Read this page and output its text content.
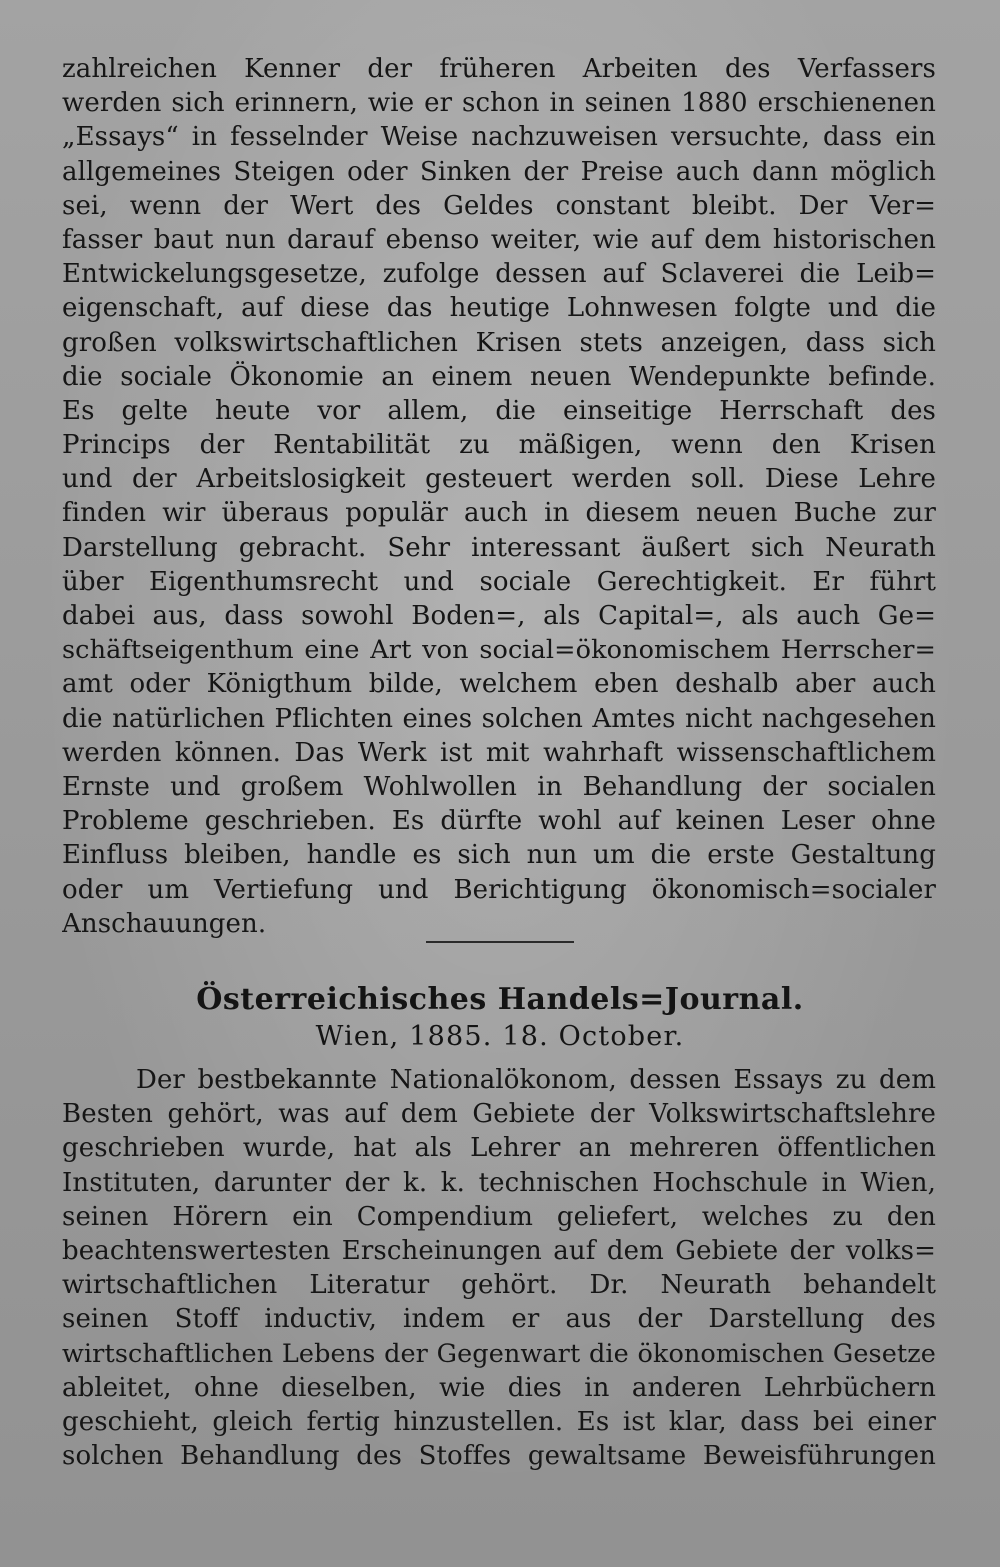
zahlreichen Kenner der früheren Arbeiten des Verfassers
werden sich erinnern, wie er schon in seinen 1880 erschienenen
„Essays“ in fesselnder Weise nachzuweisen versuchte, dass ein
allgemeines Steigen oder Sinken der Preise auch dann möglich
sei, wenn der Wert des Geldes constant bleibt. Der Ver=
fasser baut nun darauf ebenso weiter, wie auf dem historischen
Entwickelungsgesetze, zufolge dessen auf Sclaverei die Leib=
eigenschaft, auf diese das heutige Lohnwesen folgte und die
großen volkswirtschaftlichen Krisen stets anzeigen, dass sich
die sociale Ökonomie an einem neuen Wendepunkte befinde.
Es gelte heute vor allem, die einseitige Herrschaft des
Princips der Rentabilität zu mäßigen, wenn den Krisen
und der Arbeitslosigkeit gesteuert werden soll. Diese Lehre
finden wir überaus populär auch in diesem neuen Buche zur
Darstellung gebracht. Sehr interessant äußert sich Neurath
über Eigenthumsrecht und sociale Gerechtigkeit. Er führt
dabei aus, dass sowohl Boden=, als Capital=, als auch Ge=
schäftseigenthum eine Art von social=ökonomischem Herrscher=
amt oder Königthum bilde, welchem eben deshalb aber auch
die natürlichen Pflichten eines solchen Amtes nicht nachgesehen
werden können. Das Werk ist mit wahrhaft wissenschaftlichem
Ernste und großem Wohlwollen in Behandlung der socialen
Probleme geschrieben. Es dürfte wohl auf keinen Leser ohne
Einfluss bleiben, handle es sich nun um die erste Gestaltung
oder um Vertiefung und Berichtigung ökonomisch=socialer
Anschauungen.
Österreichisches Handels=Journal.
Wien, 1885. 18. October.
Der bestbekannte Nationalökonom, dessen Essays zu dem
Besten gehört, was auf dem Gebiete der Volkswirtschaftslehre
geschrieben wurde, hat als Lehrer an mehreren öffentlichen
Instituten, darunter der k. k. technischen Hochschule in Wien,
seinen Hörern ein Compendium geliefert, welches zu den
beachtenswertesten Erscheinungen auf dem Gebiete der volks=
wirtschaftlichen Literatur gehört. Dr. Neurath behandelt
seinen Stoff inductiv, indem er aus der Darstellung des
wirtschaftlichen Lebens der Gegenwart die ökonomischen Gesetze
ableitet, ohne dieselben, wie dies in anderen Lehrbüchern
geschieht, gleich fertig hinzustellen. Es ist klar, dass bei einer
solchen Behandlung des Stoffes gewaltsame Beweisführungen
